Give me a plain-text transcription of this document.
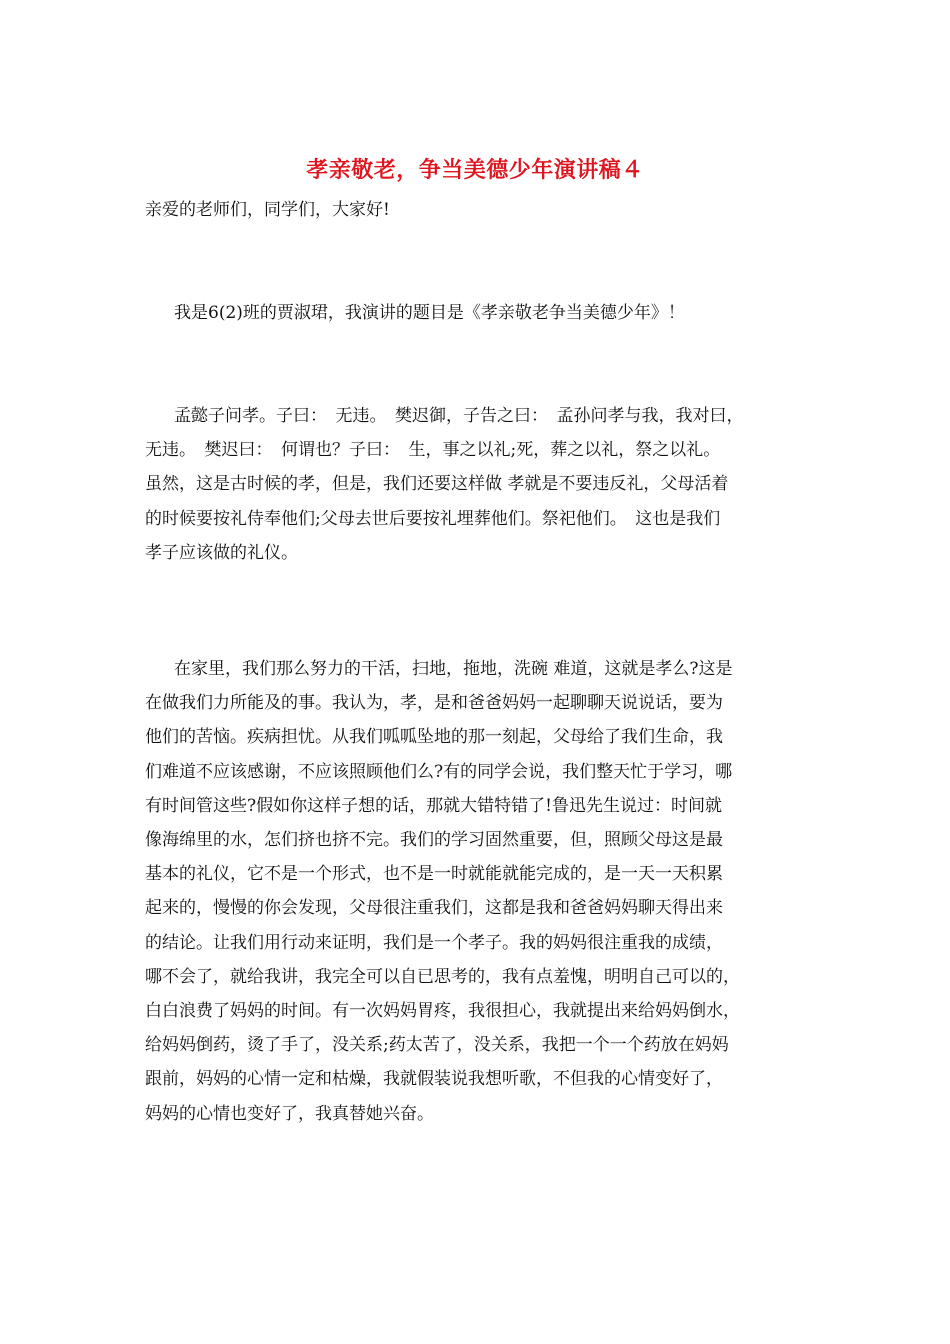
孝亲敬老，争当美德少年演讲稿４
亲爱的老师们，同学们，大家好!
我是6(2)班的贾淑珺，我演讲的题目是《孝亲敬老争当美德少年》！
孟懿子问孝。子曰：　无违。　樊迟御，子告之曰：　孟孙问孝与我，我对曰，
无违。　樊迟曰：　何谓也？子曰：　生，事之以礼;死，葬之以礼，祭之以礼。
虽然，这是古时候的孝，但是，我们还要这样做 孝就是不要违反礼，父母活着
的时候要按礼侍奉他们;父母去世后要按礼埋葬他们。祭祀他们。　这也是我们
孝子应该做的礼仪。
在家里，我们那么努力的干活，扫地，拖地，洗碗 难道，这就是孝么?这是
在做我们力所能及的事。我认为，孝，是和爸爸妈妈一起聊聊天说说话，要为
他们的苦恼。疾病担忧。从我们呱呱坠地的那一刻起，父母给了我们生命，我
们难道不应该感谢，不应该照顾他们么?有的同学会说，我们整天忙于学习，哪
有时间管这些?假如你这样子想的话，那就大错特错了!鲁迅先生说过：时间就
像海绵里的水，怎们挤也挤不完。我们的学习固然重要，但，照顾父母这是最
基本的礼仪，它不是一个形式，也不是一时就能就能完成的，是一天一天积累
起来的，慢慢的你会发现，父母很注重我们，这都是我和爸爸妈妈聊天得出来
的结论。让我们用行动来证明，我们是一个孝子。我的妈妈很注重我的成绩，
哪不会了，就给我讲，我完全可以自已思考的，我有点羞愧，明明自己可以的，
白白浪费了妈妈的时间。有一次妈妈胃疼，我很担心，我就提出来给妈妈倒水，
给妈妈倒药，烫了手了，没关系;药太苦了，没关系，我把一个一个药放在妈妈
跟前，妈妈的心情一定和枯燥，我就假装说我想听歌，不但我的心情变好了，
妈妈的心情也变好了，我真替她兴奋。
